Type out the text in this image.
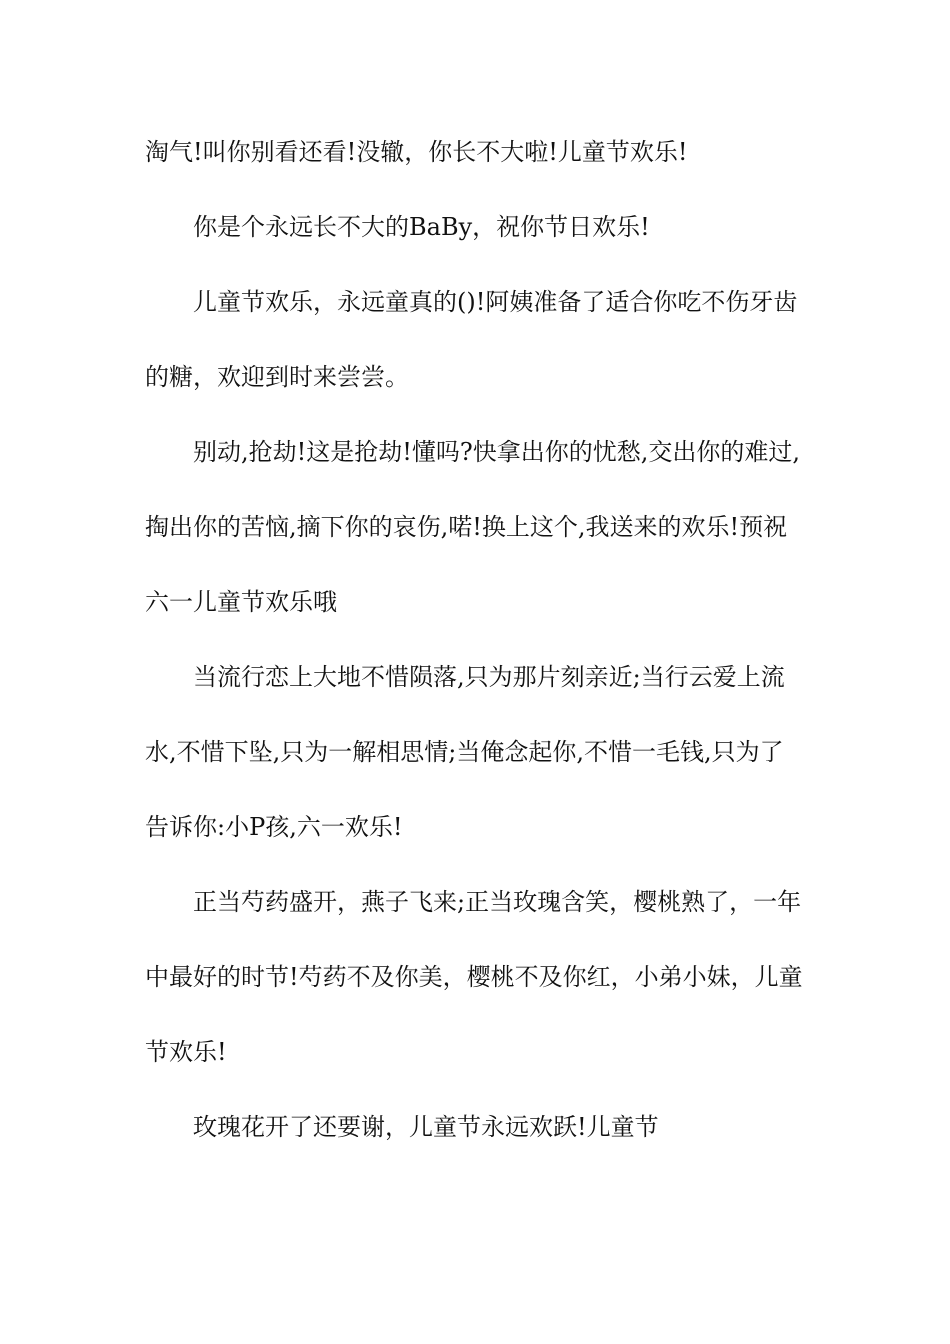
淘气!叫你别看还看!没辙，你长不大啦!儿童节欢乐!
你是个永远长不大的BaBy，祝你节日欢乐!
儿童节欢乐，永远童真的()!阿姨准备了适合你吃不伤牙齿
的糖，欢迎到时来尝尝。
别动,抢劫!这是抢劫!懂吗?快拿出你的忧愁,交出你的难过,
掏出你的苦恼,摘下你的哀伤,喏!换上这个,我送来的欢乐!预祝
六一儿童节欢乐哦
当流行恋上大地不惜陨落,只为那片刻亲近;当行云爱上流
水,不惜下坠,只为一解相思情;当俺念起你,不惜一毛钱,只为了
告诉你:小P孩,六一欢乐!
正当芍药盛开，燕子飞来;正当玫瑰含笑，樱桃熟了，一年
中最好的时节!芍药不及你美，樱桃不及你红，小弟小妹，儿童
节欢乐!
玫瑰花开了还要谢，儿童节永远欢跃!儿童节
